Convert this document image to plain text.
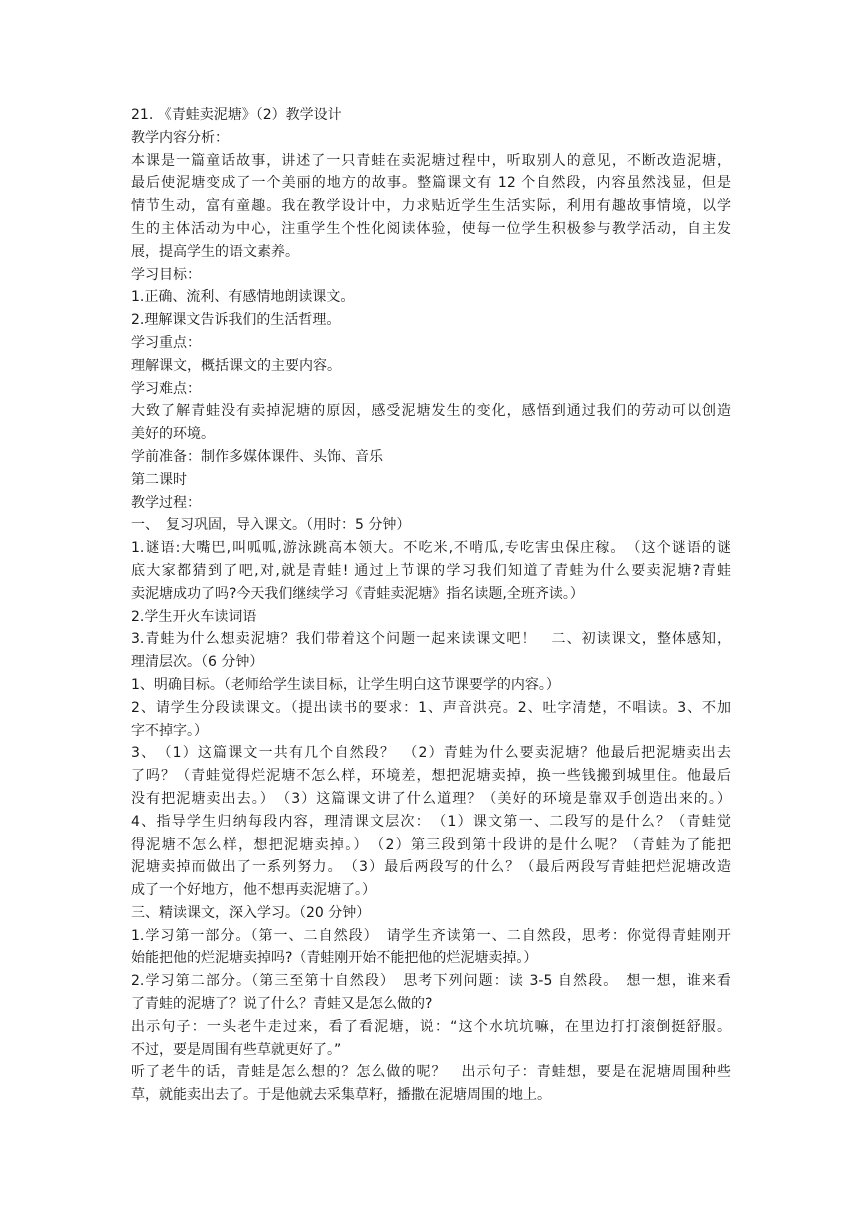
21. 《青蛙卖泥塘》（2）教学设计
教学内容分析：
本课是一篇童话故事，讲述了一只青蛙在卖泥塘过程中，听取别人的意见，不断改造泥塘，
最后使泥塘变成了一个美丽的地方的故事。整篇课文有 12 个自然段，内容虽然浅显，但是
情节生动，富有童趣。我在教学设计中，力求贴近学生生活实际，利用有趣故事情境，以学
生的主体活动为中心，注重学生个性化阅读体验，使每一位学生积极参与教学活动，自主发
展，提高学生的语文素养。
学习目标：
1.正确、流利、有感情地朗读课文。
2.理解课文告诉我们的生活哲理。
学习重点：
理解课文，概括课文的主要内容。
学习难点：
大致了解青蛙没有卖掉泥塘的原因，感受泥塘发生的变化，感悟到通过我们的劳动可以创造
美好的环境。
学前准备：制作多媒体课件、头饰、音乐
第二课时
教学过程：
一、　复习巩固，导入课文。（用时：5 分钟）
1.谜语:大嘴巴,叫呱呱,游泳跳高本领大。不吃米,不啃瓜,专吃害虫保庄稼。　（这个谜语的谜
底大家都猜到了吧,对,就是青蛙! 通过上节课的学习我们知道了青蛙为什么要卖泥塘?青蛙
卖泥塘成功了吗?今天我们继续学习《青蛙卖泥塘》指名读题,全班齐读。）
2.学生开火车读词语
3.青蛙为什么想卖泥塘？我们带着这个问题一起来读课文吧！　二、初读课文，整体感知，
理清层次。（6 分钟）
1、明确目标。（老师给学生读目标，让学生明白这节课要学的内容。）
2、请学生分段读课文。（提出读书的要求：1、声音洪亮。2、吐字清楚，不唱读。3、不加
字不掉字。）
3、　（1）这篇课文一共有几个自然段？　（2）青蛙为什么要卖泥塘？他最后把泥塘卖出去
了吗？（青蛙觉得烂泥塘不怎么样，环境差，想把泥塘卖掉，换一些钱搬到城里住。他最后
没有把泥塘卖出去。）　（3）这篇课文讲了什么道理？（美好的环境是靠双手创造出来的。）
4、指导学生归纳每段内容，理清课文层次：　（1）课文第一、二段写的是什么？（青蛙觉
得泥塘不怎么样，想把泥塘卖掉。）　（2）第三段到第十段讲的是什么呢？（青蛙为了能把
泥塘卖掉而做出了一系列努力。　（3）最后两段写的什么？（最后两段写青蛙把烂泥塘改造
成了一个好地方，他不想再卖泥塘了。）
三、精读课文，深入学习。（20 分钟）
1.学习第一部分。（第一、二自然段）　请学生齐读第一、二自然段，思考：你觉得青蛙刚开
始能把他的烂泥塘卖掉吗?（青蛙刚开始不能把他的烂泥塘卖掉。）
2.学习第二部分。（第三至第十自然段）　思考下列问题：读 3-5 自然段。　想一想，谁来看
了青蛙的泥塘了？说了什么？青蛙又是怎么做的?
出示句子：一头老牛走过来，看了看泥塘，说：“这个水坑坑嘛，在里边打打滚倒挺舒服。
不过，要是周围有些草就更好了。”
听了老牛的话，青蛙是怎么想的？怎么做的呢？　出示句子：青蛙想，要是在泥塘周围种些
草，就能卖出去了。于是他就去采集草籽，播撒在泥塘周围的地上。
